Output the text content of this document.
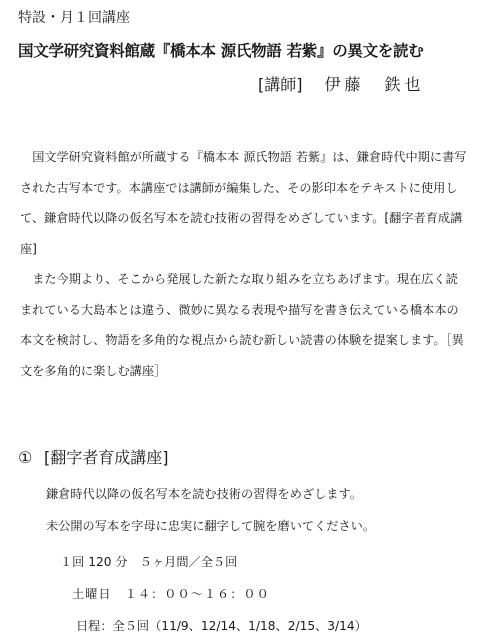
特設・月１回講座
国文学研究資料館蔵『橋本本 源氏物語 若紫』の異文を読む
[講師] 伊藤　鉄也

国文学研究資料館が所蔵する『橋本本 源氏物語 若紫』は、鎌倉時代中期に書写された古写本です。本講座では講師が編集した、その影印本をテキストに使用して、鎌倉時代以降の仮名写本を読む技術の習得をめざしています。[翻字者育成講座]

また今期より、そこから発展した新たな取り組みを立ちあげます。現在広く読まれている大島本とは違う、微妙に異なる表現や描写を書き伝えている橋本本の本文を検討し、物語を多角的な視点から読む新しい読書の体験を提案します。［異文を多角的に楽しむ講座］

① [翻字者育成講座]
鎌倉時代以降の仮名写本を読む技術の習得をめざします。
未公開の写本を字母に忠実に翻字して腕を磨いてください。
１回 120 分　５ヶ月間／全５回
土曜日　１４：００～１６：００
日程：全５回（11/9、12/14、1/18、2/15、3/14）
